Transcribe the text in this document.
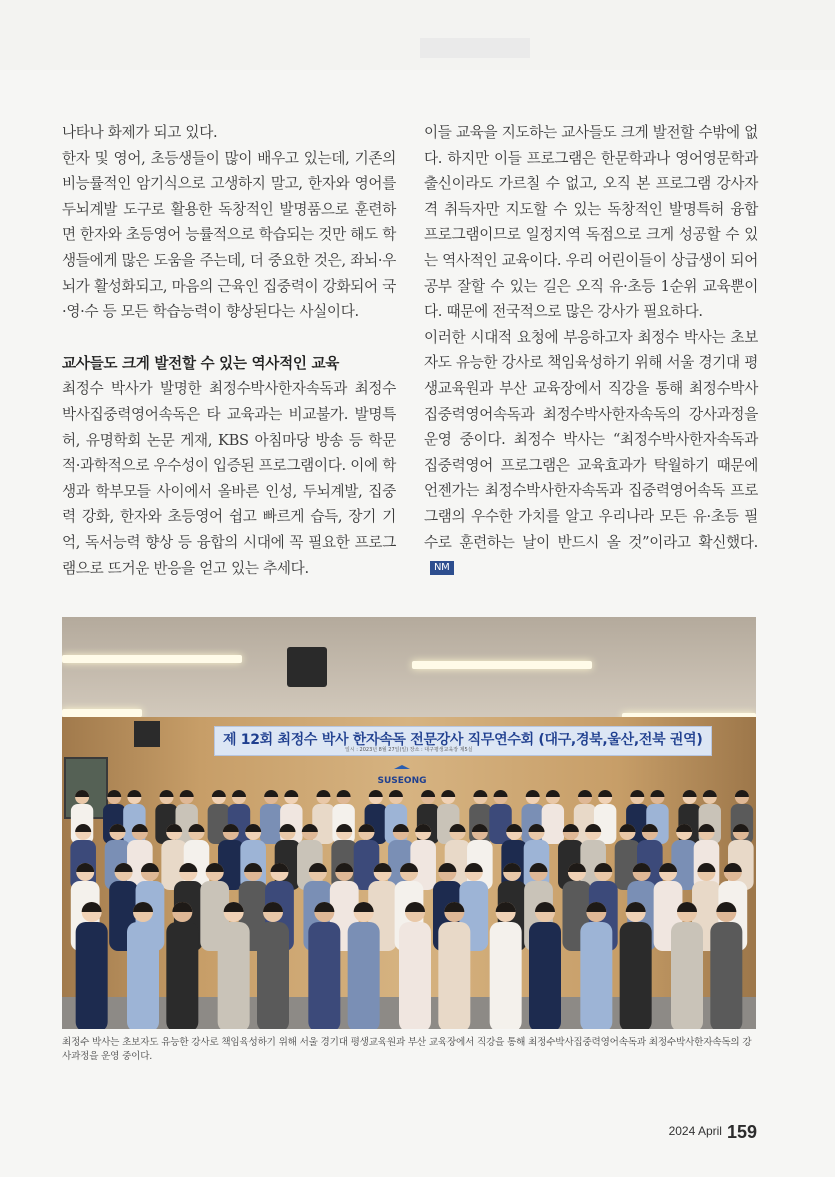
나타나 화제가 되고 있다.

한자 및 영어, 초등생들이 많이 배우고 있는데, 기존의 비능률적인 암기식으로 고생하지 말고, 한자와 영어를 두뇌계발 도구로 활용한 독창적인 발명품으로 훈련하면 한자와 초등영어 능률적으로 학습되는 것만 해도 학생들에게 많은 도움을 주는데, 더 중요한 것은, 좌뇌·우뇌가 활성화되고, 마음의 근육인 집중력이 강화되어 국·영·수 등 모든 학습능력이 향상된다는 사실이다.

교사들도 크게 발전할 수 있는 역사적인 교육

최정수 박사가 발명한 최정수박사한자속독과 최정수박사집중력영어속독은 타 교육과는 비교불가. 발명특허, 유명학회 논문 게재, KBS 아침마당 방송 등 학문적·과학적으로 우수성이 입증된 프로그램이다. 이에 학생과 학부모들 사이에서 올바른 인성, 두뇌계발, 집중력 강화, 한자와 초등영어 쉽고 빠르게 습득, 장기 기억, 독서능력 향상 등 융합의 시대에 꼭 필요한 프로그램으로 뜨거운 반응을 얻고 있는 추세다.

이들 교육을 지도하는 교사들도 크게 발전할 수밖에 없다. 하지만 이들 프로그램은 한문학과나 영어영문학과 출신이라도 가르칠 수 없고, 오직 본 프로그램 강사자격 취득자만 지도할 수 있는 독창적인 발명특허 융합 프로그램이므로 일정지역 독점으로 크게 성공할 수 있는 역사적인 교육이다. 우리 어린이들이 상급생이 되어 공부 잘할 수 있는 길은 오직 유·초등 1순위 교육뿐이다. 때문에 전국적으로 많은 강사가 필요하다.

이러한 시대적 요청에 부응하고자 최정수 박사는 초보자도 유능한 강사로 책임육성하기 위해 서울 경기대 평생교육원과 부산 교육장에서 직강을 통해 최정수박사집중력영어속독과 최정수박사한자속독의 강사과정을 운영 중이다. 최정수 박사는 “최정수박사한자속독과 집중력영어 프로그램은 교육효과가 탁월하기 때문에 언젠가는 최정수박사한자속독과 집중력영어속독 프로그램의 우수한 가치를 알고 우리나라 모든 유·초등 필수로 훈련하는 날이 반드시 올 것”이라고 확신했다.NM

제 12회 최정수 박사 한자속독 전문강사 직무연수회 (대구,경북,울산,전북 권역)
일시 : 2023년 8월 27일(일) 장소 : 대구평생교육장 제5실
SUSEONG
최정수 박사는 초보자도 유능한 강사로 책임육성하기 위해 서울 경기대 평생교육원과 부산 교육장에서 직강을 통해 최정수박사집중력영어속독과 최정수박사한자속독의 강사과정을 운영 중이다.
2024 April 159
